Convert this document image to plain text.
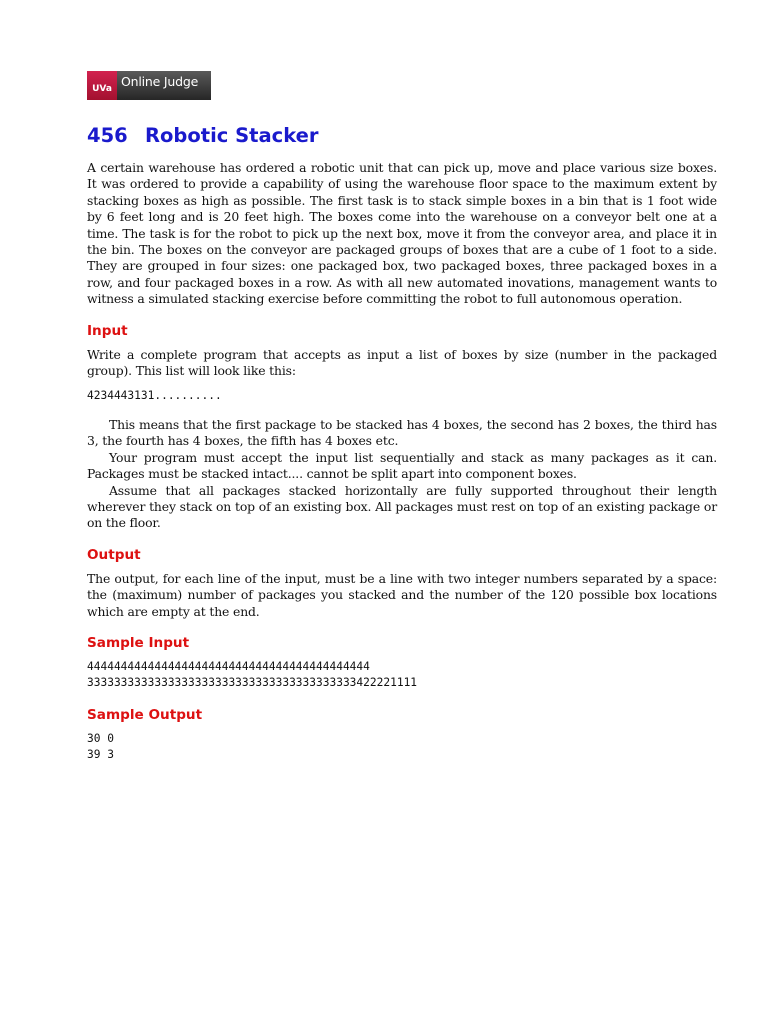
UVa Online Judge
456 Robotic Stacker

A certain warehouse has ordered a robotic unit that can pick up, move and place various size boxes. It was ordered to provide a capability of using the warehouse floor space to the maximum extent by stacking boxes as high as possible. The first task is to stack simple boxes in a bin that is 1 foot wide by 6 feet long and is 20 feet high. The boxes come into the warehouse on a conveyor belt one at a time. The task is for the robot to pick up the next box, move it from the conveyor area, and place it in the bin. The boxes on the conveyor are packaged groups of boxes that are a cube of 1 foot to a side. They are grouped in four sizes: one packaged box, two packaged boxes, three packaged boxes in a row, and four packaged boxes in a row. As with all new automated inovations, management wants to witness a simulated stacking exercise before committing the robot to full autonomous operation.

Input

Write a complete program that accepts as input a list of boxes by size (number in the packaged group). This list will look like this:

4234443131..........

This means that the first package to be stacked has 4 boxes, the second has 2 boxes, the third has 3, the fourth has 4 boxes, the fifth has 4 boxes etc.

Your program must accept the input list sequentially and stack as many packages as it can. Packages must be stacked intact.... cannot be split apart into component boxes.

Assume that all packages stacked horizontally are fully supported throughout their length wherever they stack on top of an existing box. All packages must rest on top of an existing package or on the floor.

Output

The output, for each line of the input, must be a line with two integer numbers separated by a space: the (maximum) number of packages you stacked and the number of the 120 possible box locations which are empty at the end.

Sample Input
444444444444444444444444444444444444444444
3333333333333333333333333333333333333333422221111
Sample Output
30 0
39 3
